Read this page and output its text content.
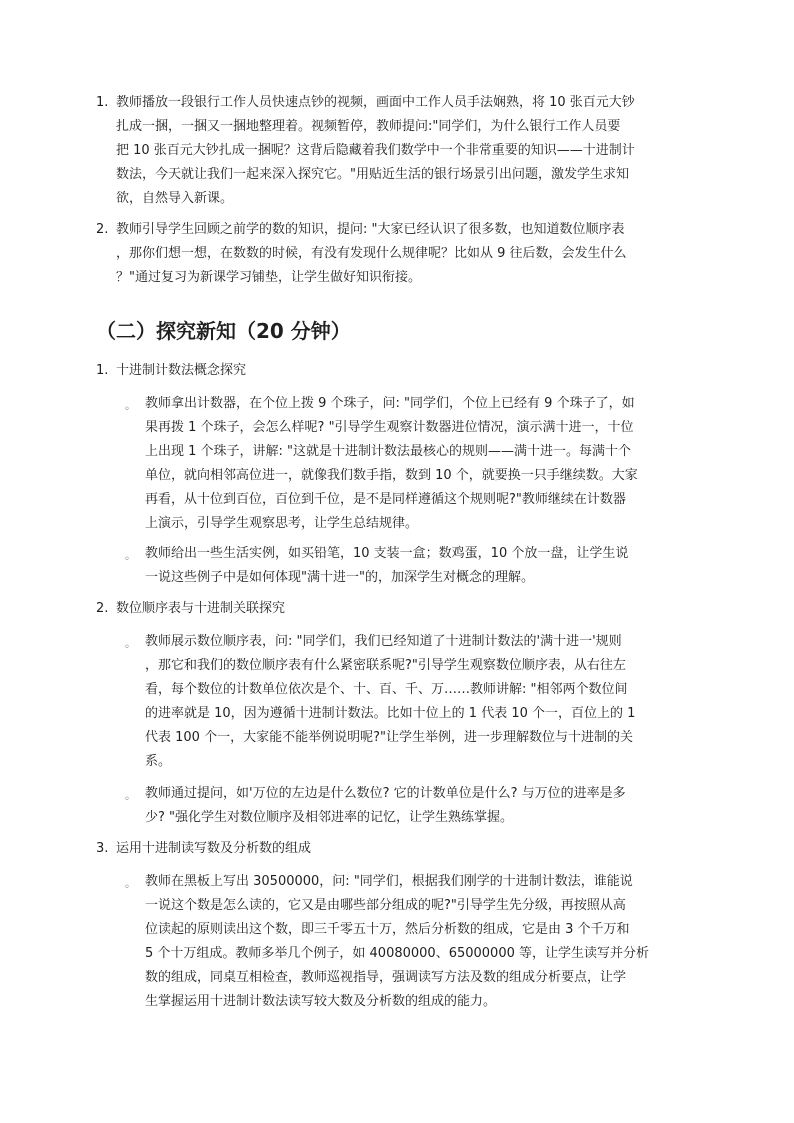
1. 教师播放一段银行工作人员快速点钞的视频，画面中工作人员手法娴熟，将 10 张百元大钞
扎成一捆，一捆又一捆地整理着。视频暂停，教师提问:"同学们，为什么银行工作人员要
把 10 张百元大钞扎成一捆呢？这背后隐藏着我们数学中一个非常重要的知识——十进制计
数法，今天就让我们一起来深入探究它。"用贴近生活的银行场景引出问题，激发学生求知
欲，自然导入新课。
2. 教师引导学生回顾之前学的数的知识，提问: "大家已经认识了很多数，也知道数位顺序表
，那你们想一想，在数数的时候，有没有发现什么规律呢？比如从 9 往后数，会发生什么
？"通过复习为新课学习铺垫，让学生做好知识衔接。
（二）探究新知（20 分钟）
1. 十进制计数法概念探究
◦ 教师拿出计数器，在个位上拨 9 个珠子，问: "同学们，个位上已经有 9 个珠子了，如
果再拨 1 个珠子，会怎么样呢? "引导学生观察计数器进位情况，演示满十进一，十位
上出现 1 个珠子，讲解: "这就是十进制计数法最核心的规则——满十进一。每满十个
单位，就向相邻高位进一，就像我们数手指，数到 10 个，就要换一只手继续数。大家
再看，从十位到百位，百位到千位，是不是同样遵循这个规则呢?"教师继续在计数器
上演示，引导学生观察思考，让学生总结规律。
◦ 教师给出一些生活实例，如买铅笔，10 支装一盒；数鸡蛋，10 个放一盘，让学生说
一说这些例子中是如何体现"满十进一"的，加深学生对概念的理解。
2. 数位顺序表与十进制关联探究
◦ 教师展示数位顺序表，问: "同学们，我们已经知道了十进制计数法的'满十进一'规则
，那它和我们的数位顺序表有什么紧密联系呢?"引导学生观察数位顺序表，从右往左
看，每个数位的计数单位依次是个、十、百、千、万……教师讲解: "相邻两个数位间
的进率就是 10，因为遵循十进制计数法。比如十位上的 1 代表 10 个一，百位上的 1
代表 100 个一，大家能不能举例说明呢?"让学生举例，进一步理解数位与十进制的关
系。
◦ 教师通过提问，如'万位的左边是什么数位? 它的计数单位是什么? 与万位的进率是多
少? "强化学生对数位顺序及相邻进率的记忆，让学生熟练掌握。
3. 运用十进制读写数及分析数的组成
◦ 教师在黑板上写出 30500000，问: "同学们，根据我们刚学的十进制计数法，谁能说
一说这个数是怎么读的，它又是由哪些部分组成的呢?"引导学生先分级，再按照从高
位读起的原则读出这个数，即三千零五十万，然后分析数的组成，它是由 3 个千万和
5 个十万组成。教师多举几个例子，如 40080000、65000000 等，让学生读写并分析
数的组成，同桌互相检查，教师巡视指导，强调读写方法及数的组成分析要点，让学
生掌握运用十进制计数法读写较大数及分析数的组成的能力。
